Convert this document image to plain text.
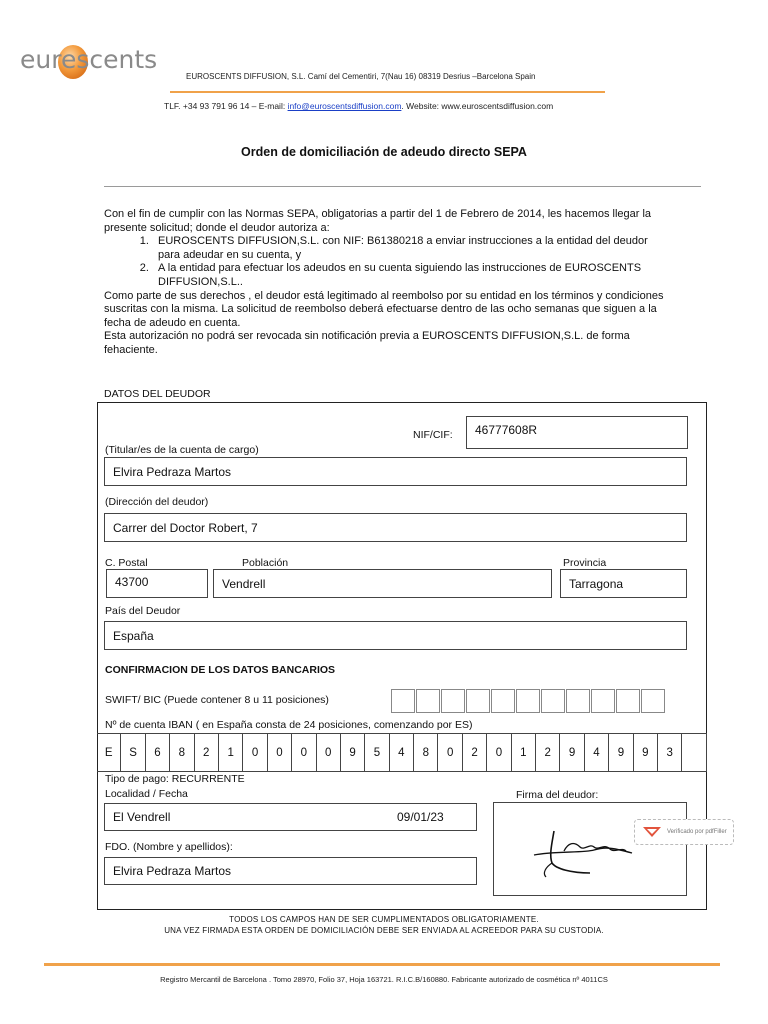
eurescents
EUROSCENTS DIFFUSION, S.L. Camí del Cementiri, 7(Nau 16) 08319 Desrius –Barcelona Spain
TLF. +34 93 791 96 14 – E-mail: info@euroscentsdiffusion.com. Website: www.euroscentsdiffusion.com
Orden de domiciliación de adeudo directo SEPA

Con el fin de cumplir con las Normas SEPA, obligatorias a partir del 1 de Febrero de 2014, les hacemos llegar la presente solicitud; donde el deudor autoriza a:

1. EUROSCENTS DIFFUSION,S.L. con NIF: B61380218 a enviar instrucciones a la entidad del deudor para adeudar en su cuenta, y
2. A la entidad para efectuar los adeudos en su cuenta siguiendo las instrucciones de EUROSCENTS DIFFUSION,S.L..

Como parte de sus derechos , el deudor está legitimado al reembolso por su entidad en los términos y condiciones suscritas con la misma. La solicitud de reembolso deberá efectuarse dentro de las ocho semanas que siguen a la fecha de adeudo en cuenta.

Esta autorización no podrá ser revocada sin notificación previa a EUROSCENTS DIFFUSION,S.L. de forma fehaciente.

DATOS DEL DEUDOR
NIF/CIF:	46777608R
(Titular/es de la cuenta de cargo)
Elvira Pedraza Martos
(Dirección del deudor)
Carrer del Doctor Robert, 7
C. Postal	Población	Provincia
43700	Vendrell	Tarragona
País del Deudor
España
CONFIRMACION DE LOS DATOS BANCARIOS
SWIFT/ BIC (Puede contener 8 u 11 posiciones)
Nº de cuenta IBAN ( en España consta de 24 posiciones, comenzando por ES)
E	S	6	8	2	1	0	0	0	0	9	5	4	8	0	2	0	1	2	9	4	9	9	3
Tipo de pago: RECURRENTE
Localidad / Fecha	Firma del deudor:
El Vendrell	09/01/23
FDO. (Nombre y apellidos):
Elvira Pedraza Martos
Verificado por pdfFiller
TODOS LOS CAMPOS HAN DE SER CUMPLIMENTADOS OBLIGATORIAMENTE.
UNA VEZ FIRMADA ESTA ORDEN DE DOMICILIACIÓN DEBE SER ENVIADA AL ACREEDOR PARA SU CUSTODIA.
Registro Mercantil de Barcelona . Tomo 28970, Folio 37, Hoja 163721. R.I.C.B/160880. Fabricante autorizado de cosmética nº 4011CS
